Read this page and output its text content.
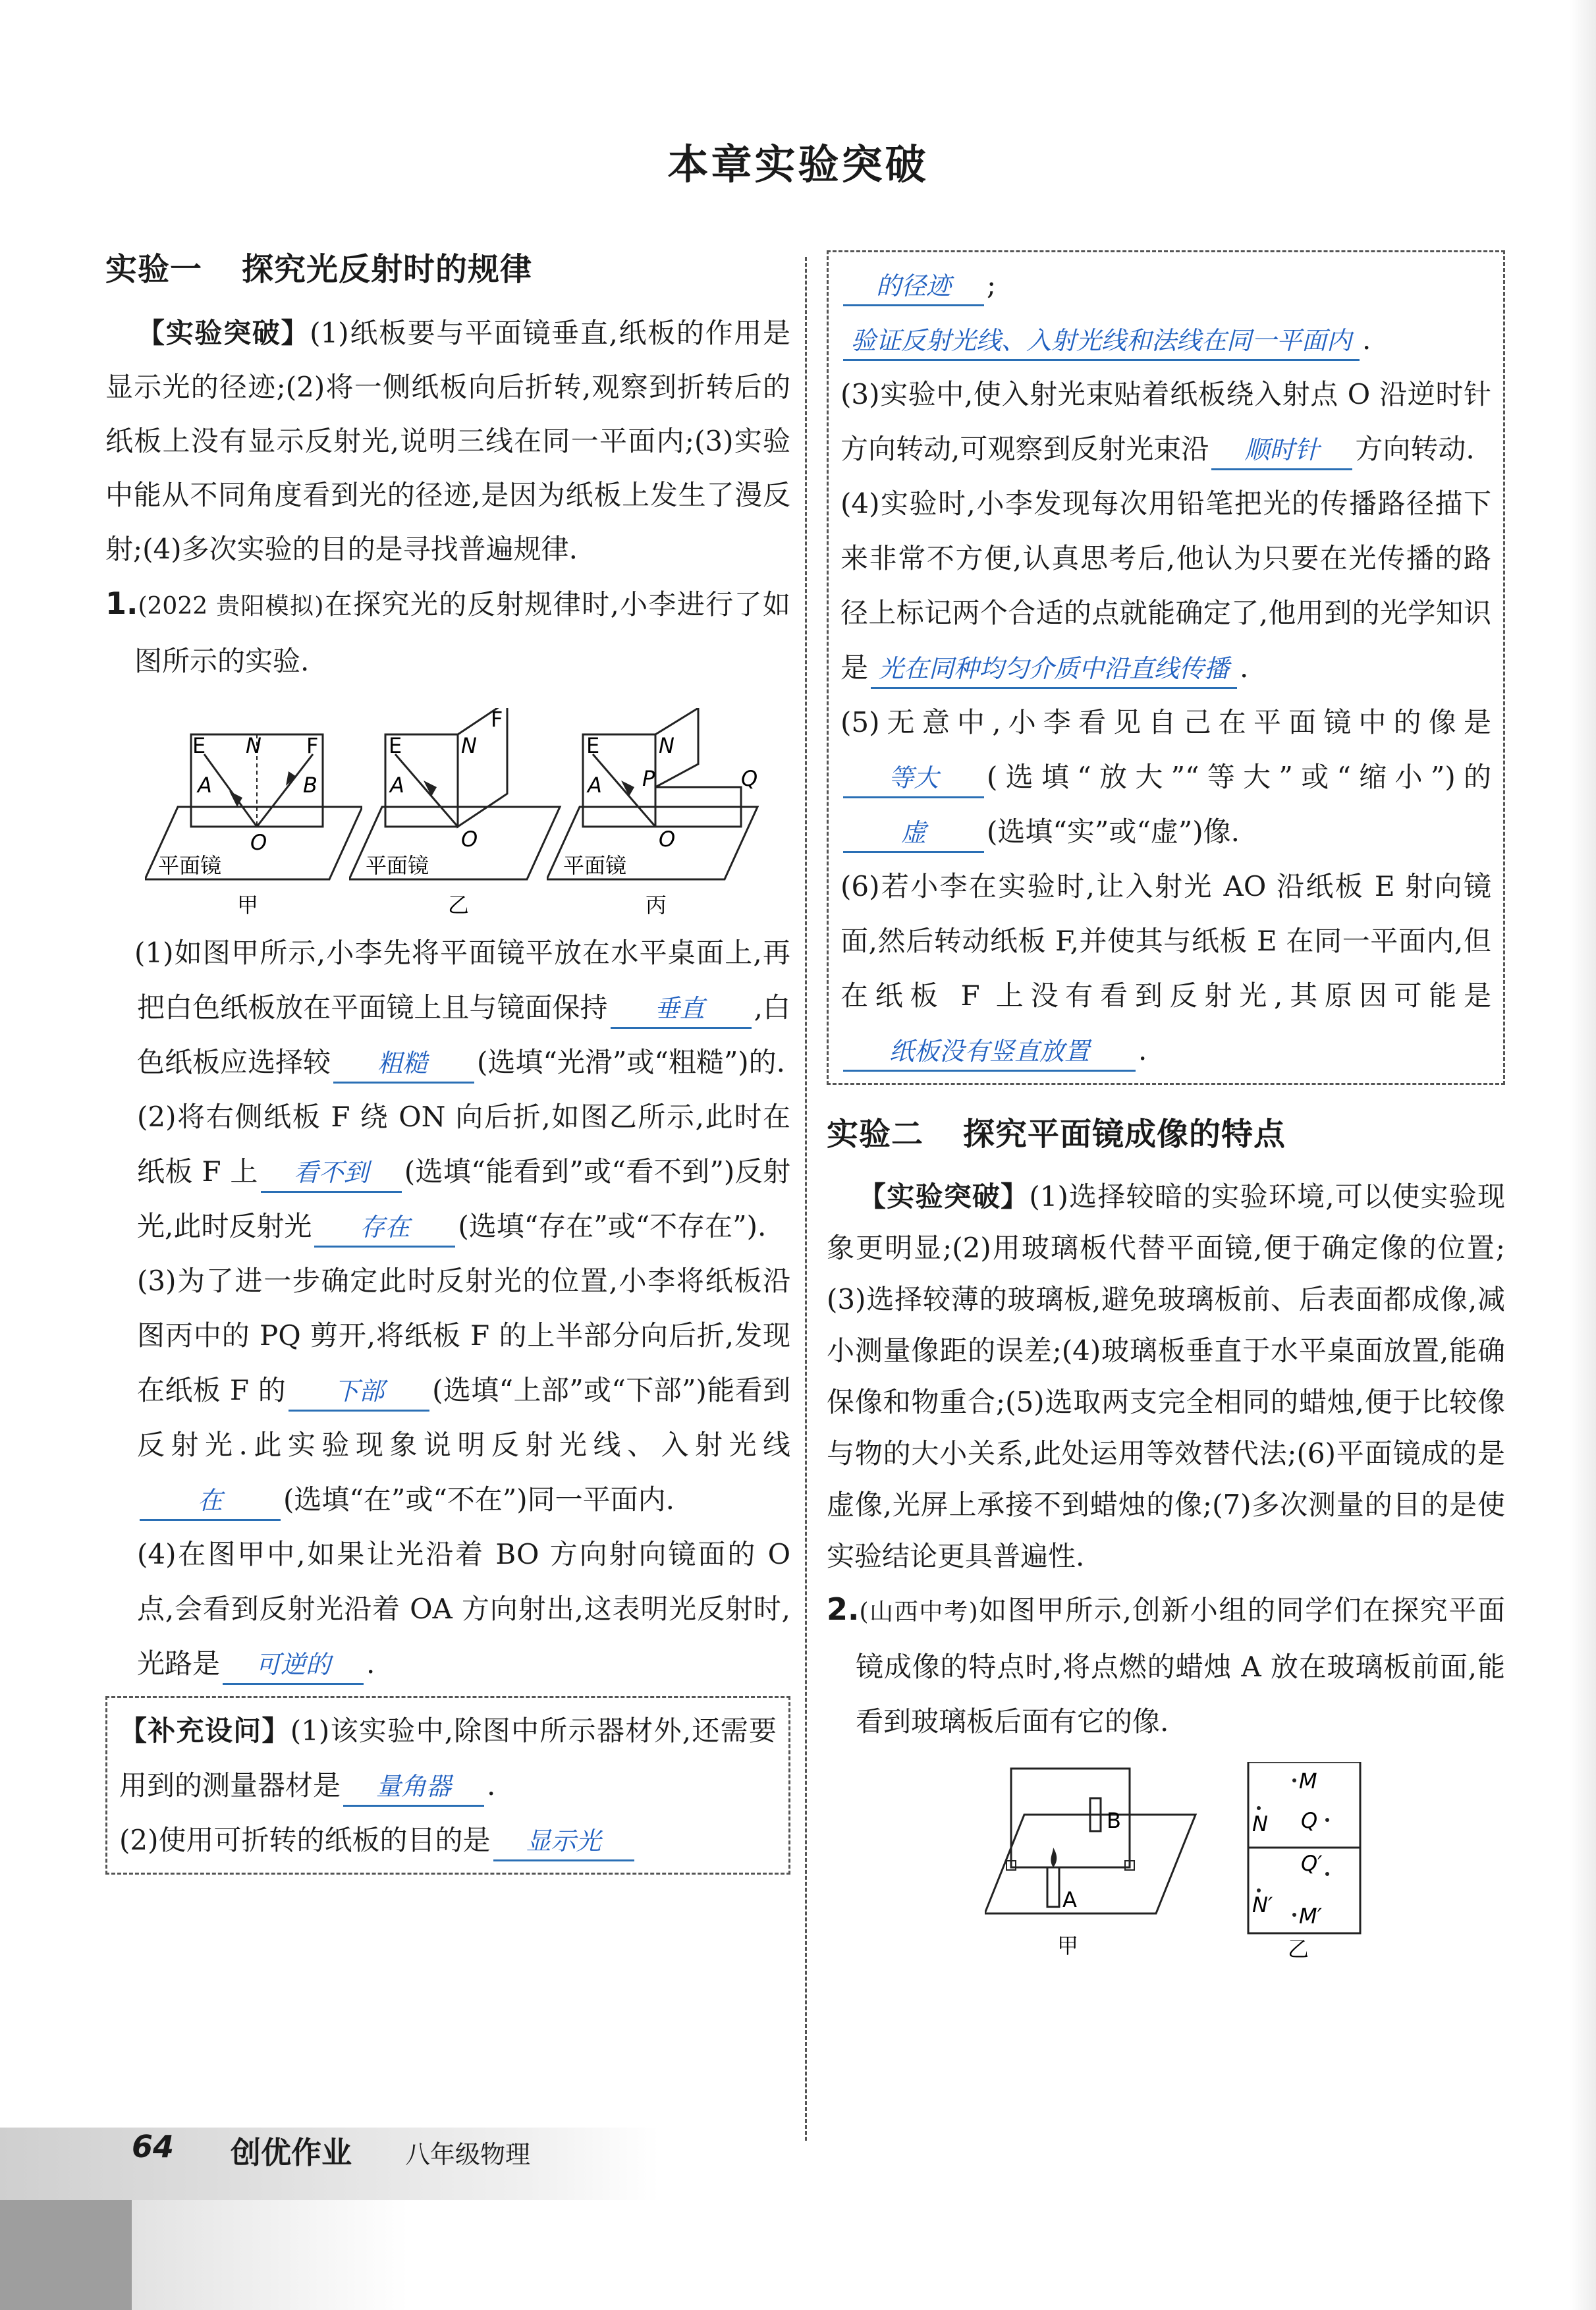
本章实验突破
实验一 探究光反射时的规律

【实验突破】(1)纸板要与平面镜垂直,纸板的作用是显示光的径迹;(2)将一侧纸板向后折转,观察到折转后的纸板上没有显示反射光,说明三线在同一平面内;(3)实验中能从不同角度看到光的径迹,是因为纸板上发生了漫反射;(4)多次实验的目的是寻找普遍规律.

1.(2022 贵阳模拟)在探究光的反射规律时,小李进行了如图所示的实验.

E N F
A	B
O
平面镜
甲
E	N
F
A
O
平面镜
乙
E	N
A P	Q
O
平面镜
丙

(1)如图甲所示,小李先将平面镜平放在水平桌面上,再把白色纸板放在平面镜上且与镜面保持 垂直 ,白色纸板应选择较 粗糙 (选填“光滑”或“粗糙”)的.

(2)将右侧纸板 F 绕 ON 向后折,如图乙所示,此时在纸板 F 上 看不到 (选填“能看到”或“看不到”)反射光,此时反射光 存在 (选填“存在”或“不存在”).

(3)为了进一步确定此时反射光的位置,小李将纸板沿图丙中的 PQ 剪开,将纸板 F 的上半部分向后折,发现在纸板 F 的 下部 (选填“上部”或“下部”)能看到反射光.此实验现象说明反射光线、入射光线在 (选填“在”或“不在”)同一平面内.

(4)在图甲中,如果让光沿着 BO 方向射向镜面的 O 点,会看到反射光沿着 OA 方向射出,这表明光反射时,光路是 可逆的 .

【补充设问】(1)该实验中,除图中所示器材外,还需要用到的测量器材是 量角器 .

(2)使用可折转的纸板的目的是 显示光

的径迹 ;验证反射光线、入射光线和法线在同一平面内 .

(3)实验中,使入射光束贴着纸板绕入射点 O 沿逆时针方向转动,可观察到反射光束沿 顺时针 方向转动.

(4)实验时,小李发现每次用铅笔把光的传播路径描下来非常不方便,认真思考后,他认为只要在光传播的路径上标记两个合适的点就能确定了,他用到的光学知识是 光在同种均匀介质中沿直线传播 .

(5)无意中,小李看见自己在平面镜中的像是等大 (选填“放大”“等大”或“缩小”)的虚 (选填“实”或“虚”)像.

(6)若小李在实验时,让入射光 AO 沿纸板 E 射向镜面,然后转动纸板 F,并使其与纸板 E 在同一平面内,但在纸板 F 上没有看到反射光,其原因可能是纸板没有竖直放置 .

实验二 探究平面镜成像的特点

【实验突破】(1)选择较暗的实验环境,可以使实验现象更明显;(2)用玻璃板代替平面镜,便于确定像的位置;(3)选择较薄的玻璃板,避免玻璃板前、后表面都成像,减小测量像距的误差;(4)玻璃板垂直于水平桌面放置,能确保像和物重合;(5)选取两支完全相同的蜡烛,便于比较像与物的大小关系,此处运用等效替代法;(6)平面镜成的是虚像,光屏上承接不到蜡烛的像;(7)多次测量的目的是使实验结论更具普遍性.

2.(山西中考)如图甲所示,创新小组的同学们在探究平面镜成像的特点时,将点燃的蜡烛 A 放在玻璃板前面,能看到玻璃板后面有它的像.

A
B
甲
M
N Q
Q′
N′ M′
乙
64 创优作业 八年级物理
